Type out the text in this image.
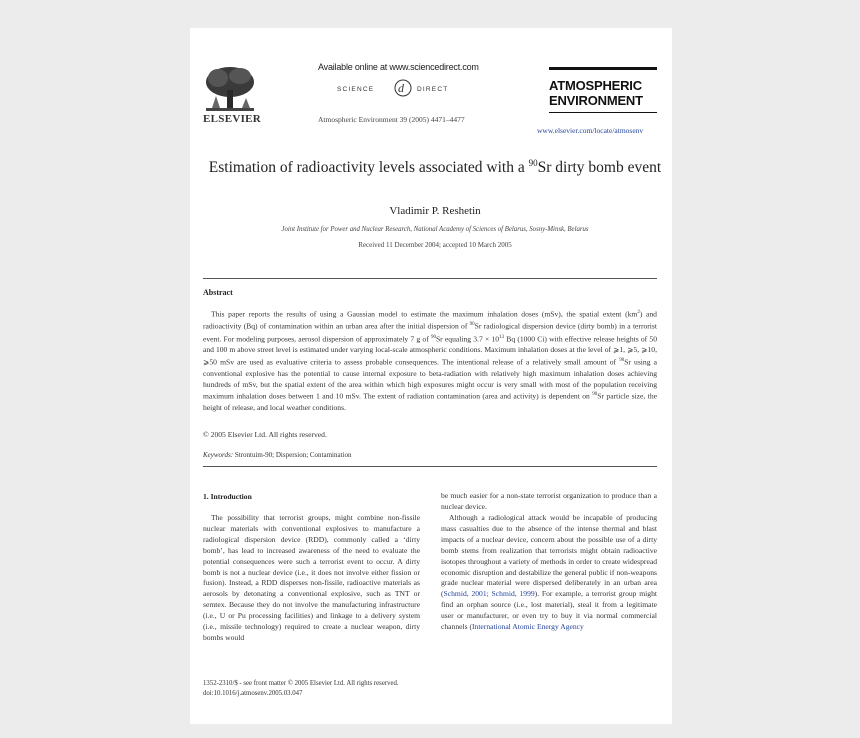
ARTICLE IN PRESS
ELSEVIER
Available online at www.sciencedirect.com
SCIENCE d DIRECT
Atmospheric Environment 39 (2005) 4471–4477
ATMOSPHERIC
ENVIRONMENT
www.elsevier.com/locate/atmosenv
Estimation of radioactivity levels associated with a $^{90}$Sr dirty bomb event
Vladimir P. Reshetin
Joint Institute for Power and Nuclear Research, National Academy of Sciences of Belarus, Sosny-Minsk, Belarus
Received 11 December 2004; accepted 10 March 2005
Abstract
This paper reports the results of using a Gaussian model to estimate the maximum inhalation doses (mSv), the spatial extent $(km^2)$ and radioactivity (Bq) of contamination within an urban area after the initial dispersion of $^{90}$Sr radiological dispersion device (dirty bomb) in a terrorist event. For modeling purposes, aerosol dispersion of approximately 7 g of $^{90}$Sr equaling $3.7 \times 10^{13}$ Bq (1000 Ci) with effective release heights of 50 and 100 m above street level is estimated under varying local-scale atmospheric conditions. Maximum inhalation doses at the level of ⩾1, ⩾5, ⩾10, ⩾50 mSv are used as evaluative criteria to assess probable consequences. The intentional release of a relatively small amount of $^{90}$Sr using a conventional explosive has the potential to cause internal exposure to beta-radiation with relatively high maximum inhalation doses achieving hundreds of mSv, but the spatial extent of the area within which high exposures might occur is very small with most of the population receiving maximum inhalation doses between 1 and 10 mSv. The extent of radiation contamination (area and activity) is dependent on $^{90}$Sr particle size, the height of release, and local weather conditions.
© 2005 Elsevier Ltd. All rights reserved.
Keywords: Strontuim-90; Dispersion; Contamination
1. Introduction
The possibility that terrorist groups, might combine non-fissile nuclear materials with conventional explosives to manufacture a radiological dispersion device (RDD), commonly called a ‘dirty bomb’, has lead to increased awareness of the need to evaluate the potential consequences were such a terrorist event to occur. A dirty bomb is not a nuclear device (i.e., it does not involve either fission or fusion). Instead, a RDD disperses non-fissile, radioactive materials as aerosols by detonating a conventional explosive, such as TNT or semtex. Because they do not involve the manufacturing infrastructure (i.e., U or Pu processing facilities) and linkage to a delivery system (i.e., missile technology) required to create a nuclear weapon, dirty bombs would
be much easier for a non-state terrorist organization to produce than a nuclear device.
Although a radiological attack would be incapable of producing mass casualties due to the absence of the intense thermal and blast impacts of a nuclear device, concern about the possible use of a dirty bomb stems from realization that terrorists might obtain radioactive isotopes throughout a variety of methods in order to create widespread economic disruption and destabilize the general public if non-weapons grade nuclear material were dispersed deliberately in an urban area (Schmid, 2001; Schmid, 1999). For example, a terrorist group might find an orphan source (i.e., lost material), steal it from a legitimate user or manufacturer, or even try to buy it via normal commercial channels (International Atomic Energy Agency
1352-2310/$ - see front matter © 2005 Elsevier Ltd. All rights reserved.
doi:10.1016/j.atmosenv.2005.03.047
